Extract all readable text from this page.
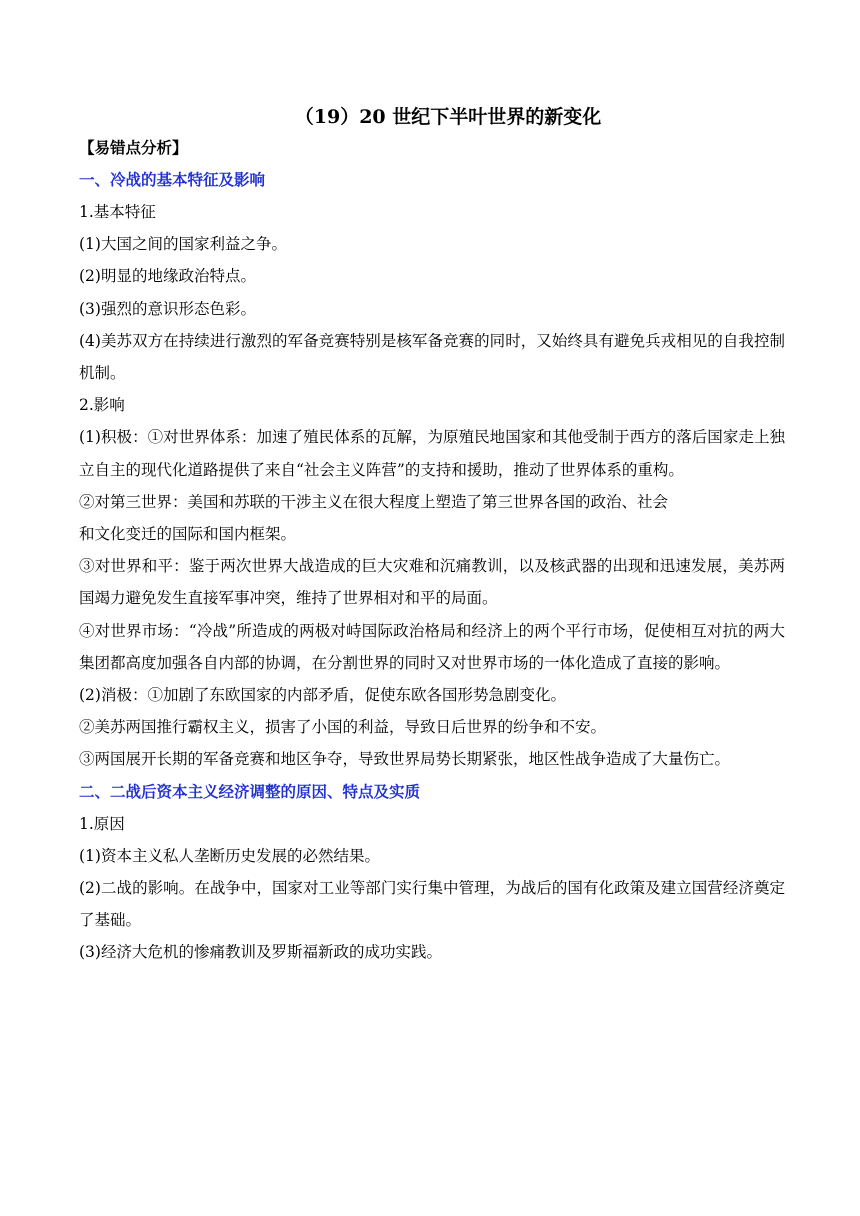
（19）20 世纪下半叶世界的新变化
【易错点分析】
一、冷战的基本特征及影响
1.基本特征
(1)大国之间的国家利益之争。
(2)明显的地缘政治特点。
(3)强烈的意识形态色彩。
(4)美苏双方在持续进行激烈的军备竞赛特别是核军备竞赛的同时，又始终具有避免兵戎相见的自我控制机制。
2.影响
(1)积极：①对世界体系：加速了殖民体系的瓦解，为原殖民地国家和其他受制于西方的落后国家走上独立自主的现代化道路提供了来自“社会主义阵营”的支持和援助，推动了世界体系的重构。
②对第三世界：美国和苏联的干涉主义在很大程度上塑造了第三世界各国的政治、社会
和文化变迁的国际和国内框架。
③对世界和平：鉴于两次世界大战造成的巨大灾难和沉痛教训，以及核武器的出现和迅速发展，美苏两国竭力避免发生直接军事冲突，维持了世界相对和平的局面。
④对世界市场：“冷战”所造成的两极对峙国际政治格局和经济上的两个平行市场，促使相互对抗的两大集团都高度加强各自内部的协调，在分割世界的同时又对世界市场的一体化造成了直接的影响。
(2)消极：①加剧了东欧国家的内部矛盾，促使东欧各国形势急剧变化。
②美苏两国推行霸权主义，损害了小国的利益，导致日后世界的纷争和不安。
③两国展开长期的军备竞赛和地区争夺，导致世界局势长期紧张，地区性战争造成了大量伤亡。
二、二战后资本主义经济调整的原因、特点及实质
1.原因
(1)资本主义私人垄断历史发展的必然结果。
(2)二战的影响。在战争中，国家对工业等部门实行集中管理，为战后的国有化政策及建立国营经济奠定了基础。
(3)经济大危机的惨痛教训及罗斯福新政的成功实践。
